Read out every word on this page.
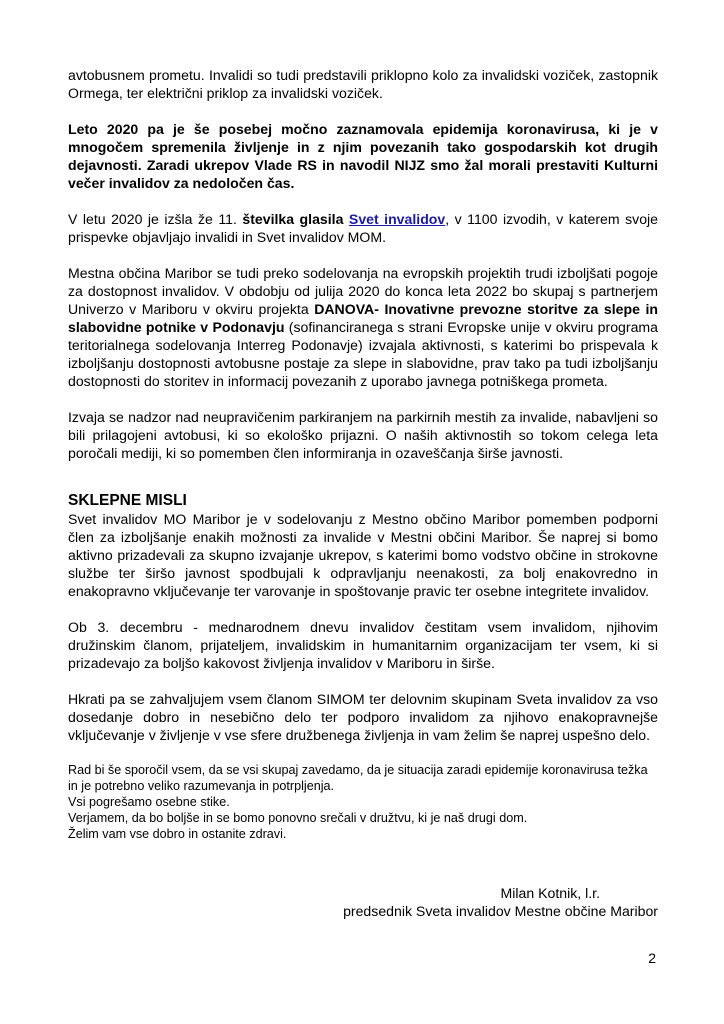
avtobusnem prometu. Invalidi so tudi predstavili priklopno kolo za invalidski voziček, zastopnik Ormega, ter električni priklop za invalidski voziček.

Leto 2020 pa je še posebej močno zaznamovala epidemija koronavirusa, ki je v mnogočem spremenila življenje in z njim povezanih tako gospodarskih kot drugih dejavnosti. Zaradi ukrepov Vlade RS in navodil NIJZ smo žal morali prestaviti Kulturni večer invalidov za nedoločen čas.

V letu 2020 je izšla že 11. številka glasila Svet invalidov, v 1100 izvodih, v katerem svoje prispevke objavljajo invalidi in Svet invalidov MOM.

Mestna občina Maribor se tudi preko sodelovanja na evropskih projektih trudi izboljšati pogoje za dostopnost invalidov. V obdobju od julija 2020 do konca leta 2022 bo skupaj s partnerjem Univerzo v Mariboru v okviru projekta DANOVA- Inovativne prevozne storitve za slepe in slabovidne potnike v Podonavju (sofinanciranega s strani Evropske unije v okviru programa teritorialnega sodelovanja Interreg Podonavje) izvajala aktivnosti, s katerimi bo prispevala k izboljšanju dostopnosti avtobusne postaje za slepe in slabovidne, prav tako pa tudi izboljšanju dostopnosti do storitev in informacij povezanih z uporabo javnega potniškega prometa.

Izvaja se nadzor nad neupravičenim parkiranjem na parkirnih mestih za invalide, nabavljeni so bili prilagojeni avtobusi, ki so ekološko prijazni. O naših aktivnostih so tokom celega leta poročali mediji, ki so pomemben člen informiranja in ozaveščanja širše javnosti.

SKLEPNE MISLI

Svet invalidov MO Maribor je v sodelovanju z Mestno občino Maribor pomemben podporni člen za izboljšanje enakih možnosti za invalide v Mestni občini Maribor. Še naprej si bomo aktivno prizadevali za skupno izvajanje ukrepov, s katerimi bomo vodstvo občine in strokovne službe ter širšo javnost spodbujali k odpravljanju neenakosti, za bolj enakovredno in enakopravno vključevanje ter varovanje in spoštovanje pravic ter osebne integritete invalidov.

Ob 3. decembru - mednarodnem dnevu invalidov čestitam vsem invalidom, njihovim družinskim članom, prijateljem, invalidskim in humanitarnim organizacijam ter vsem, ki si prizadevajo za boljšo kakovost življenja invalidov v Mariboru in širše.

Hkrati pa se zahvaljujem vsem članom SIMOM ter delovnim skupinam Sveta invalidov za vso dosedanje dobro in nesebično delo ter podporo invalidom za njihovo enakopravnejše vključevanje v življenje v vse sfere družbenega življenja in vam želim še naprej uspešno delo.

Rad bi še sporočil vsem, da se vsi skupaj zavedamo, da je situacija zaradi epidemije koronavirusa težka in je potrebno veliko razumevanja in potrpljenja.

Vsi pogrešamo osebne stike.

Verjamem, da bo boljše in se bomo ponovno srečali v družtvu, ki je naš drugi dom.

Želim vam vse dobro in ostanite zdravi.

Milan Kotnik, l.r.

predsednik Sveta invalidov Mestne občine Maribor

2
